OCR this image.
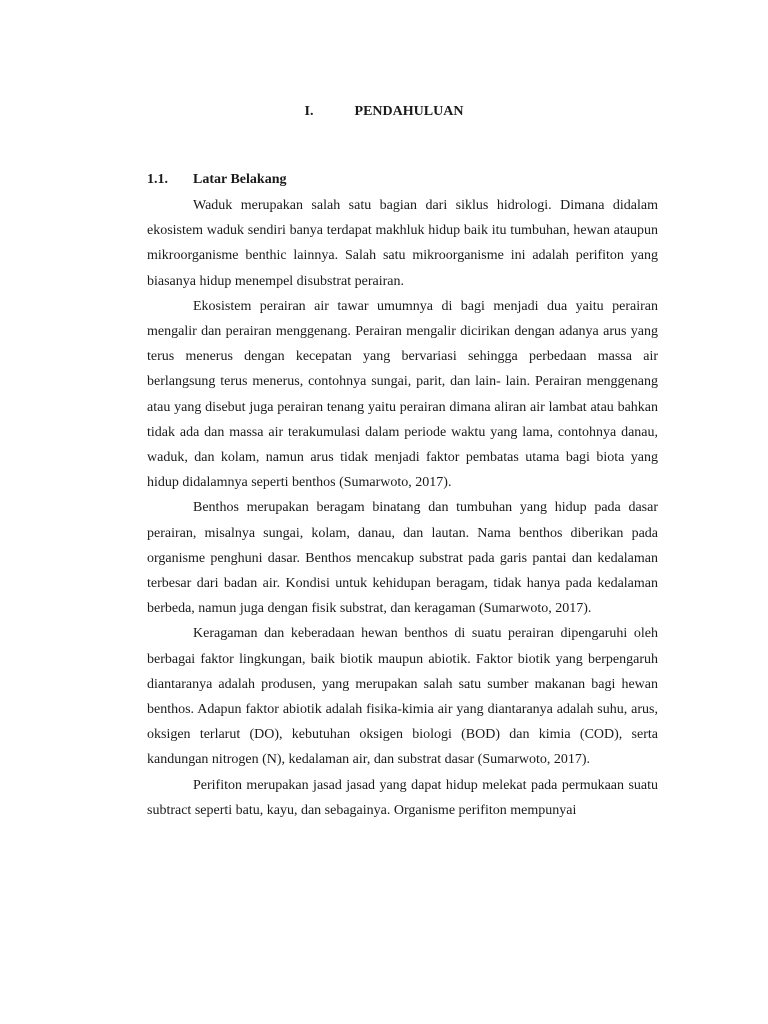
I.	PENDAHULUAN
1.1. Latar Belakang

Waduk merupakan salah satu bagian dari siklus hidrologi. Dimana didalam ekosistem waduk sendiri banya terdapat makhluk hidup baik itu tumbuhan, hewan ataupun mikroorganisme benthic lainnya. Salah satu mikroorganisme ini adalah perifiton yang biasanya hidup menempel disubstrat perairan.

Ekosistem perairan air tawar umumnya di bagi menjadi dua yaitu perairan mengalir dan perairan menggenang. Perairan mengalir dicirikan dengan adanya arus yang terus menerus dengan kecepatan yang bervariasi sehingga perbedaan massa air berlangsung terus menerus, contohnya sungai, parit, dan lain- lain. Perairan menggenang atau yang disebut juga perairan tenang yaitu perairan dimana aliran air lambat atau bahkan tidak ada dan massa air terakumulasi dalam periode waktu yang lama, contohnya danau, waduk, dan kolam, namun arus tidak menjadi faktor pembatas utama bagi biota yang hidup didalamnya seperti benthos (Sumarwoto, 2017).

Benthos merupakan beragam binatang dan tumbuhan yang hidup pada dasar perairan, misalnya sungai, kolam, danau, dan lautan. Nama benthos diberikan pada organisme penghuni dasar. Benthos mencakup substrat pada garis pantai dan kedalaman terbesar dari badan air. Kondisi untuk kehidupan beragam, tidak hanya pada kedalaman berbeda, namun juga dengan fisik substrat, dan keragaman (Sumarwoto, 2017).

Keragaman dan keberadaan hewan benthos di suatu perairan dipengaruhi oleh berbagai faktor lingkungan, baik biotik maupun abiotik. Faktor biotik yang berpengaruh diantaranya adalah produsen, yang merupakan salah satu sumber makanan bagi hewan benthos. Adapun faktor abiotik adalah fisika-kimia air yang diantaranya adalah suhu, arus, oksigen terlarut (DO), kebutuhan oksigen biologi (BOD) dan kimia (COD), serta kandungan nitrogen (N), kedalaman air, dan substrat dasar (Sumarwoto, 2017).

Perifiton merupakan jasad jasad yang dapat hidup melekat pada permukaan suatu subtract seperti batu, kayu, dan sebagainya. Organisme perifiton mempunyai
